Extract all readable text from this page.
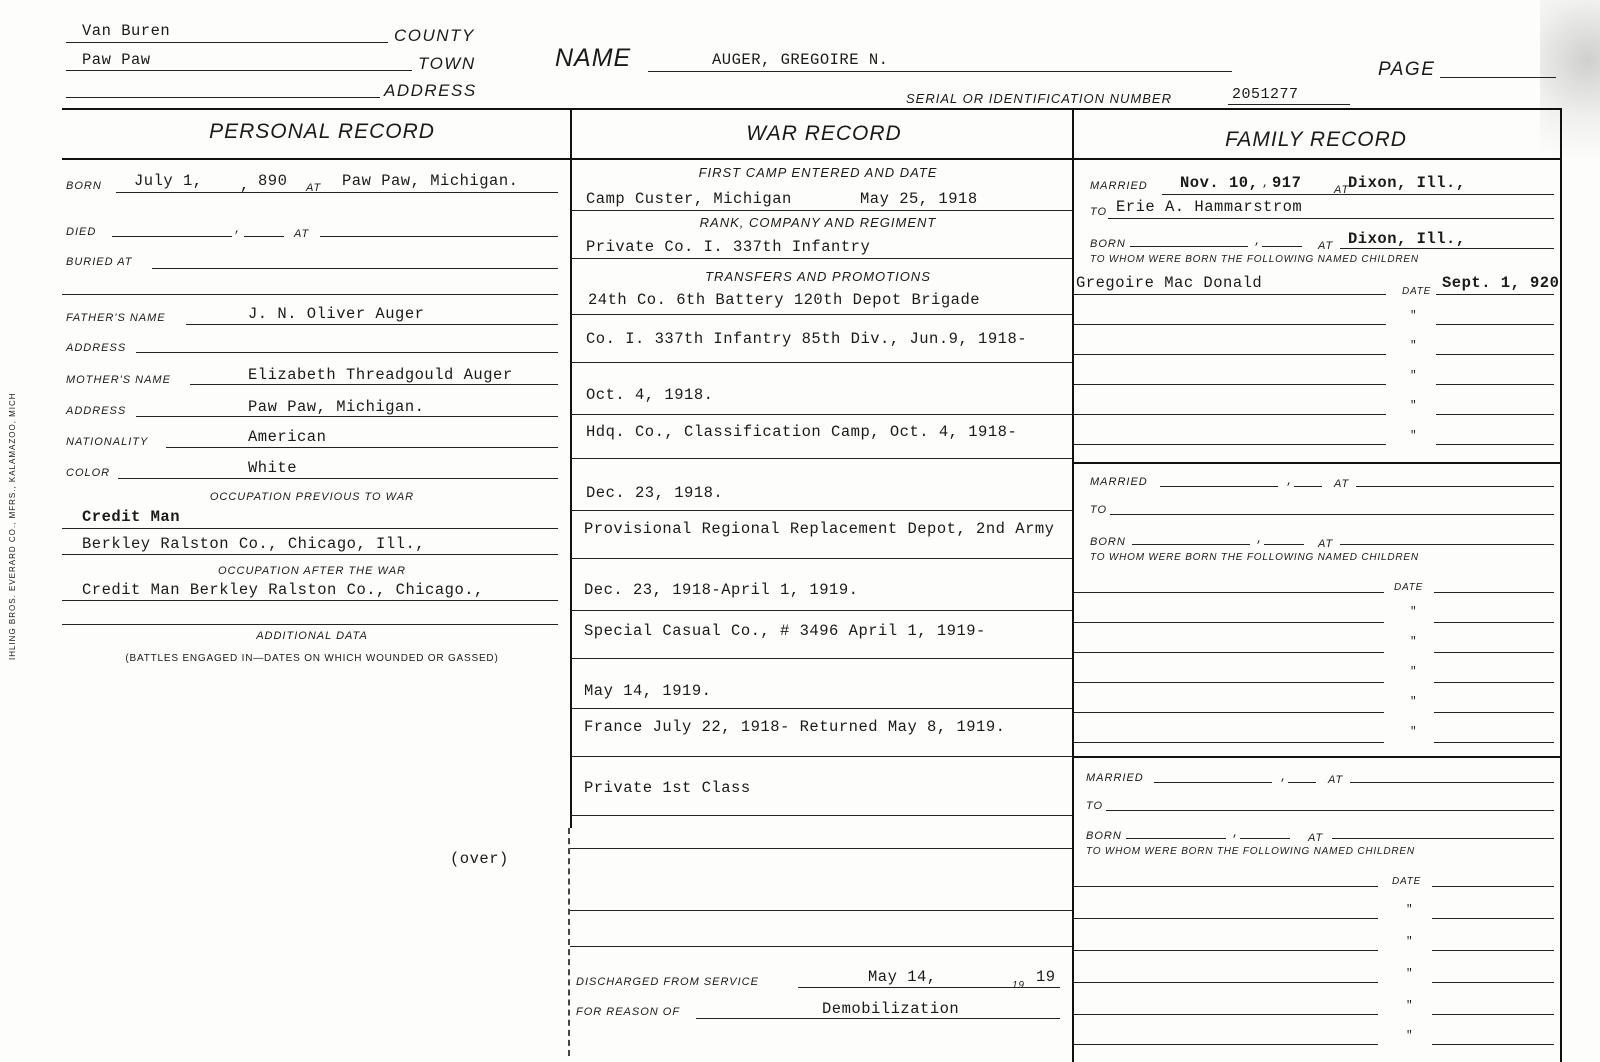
IHLING BROS. EVERARD CO., MFRS., KALAMAZOO, MICH
Van Buren	COUNTY
Paw Paw	TOWN
ADDRESS
NAME	AUGER, GREGOIRE N.	PAGE
SERIAL OR IDENTIFICATION NUMBER	2051277
PERSONAL RECORD	WAR RECORD	FAMILY RECORD
BORN July 1, , 890 AT Paw Paw, Michigan.
DIED	,	AT
BURIED AT
FATHER'S NAME	J. N. Oliver Auger
ADDRESS
MOTHER'S NAME	Elizabeth Threadgould Auger
ADDRESS	Paw Paw, Michigan.
NATIONALITY	American
COLOR	White
OCCUPATION PREVIOUS TO WAR
Credit Man
Berkley Ralston Co., Chicago, Ill.,
OCCUPATION AFTER THE WAR
Credit Man Berkley Ralston Co., Chicago.,
ADDITIONAL DATA
(BATTLES ENGAGED IN—DATES ON WHICH WOUNDED OR GASSED)
(over)
FIRST CAMP ENTERED AND DATE
Camp Custer, Michigan	May 25, 1918
RANK, COMPANY AND REGIMENT
Private Co. I. 337th Infantry
TRANSFERS AND PROMOTIONS
24th Co. 6th Battery 120th Depot Brigade
Co. I. 337th Infantry 85th Div., Jun.9, 1918-
Oct. 4, 1918.
Hdq. Co., Classification Camp, Oct. 4, 1918-
Dec. 23, 1918.
Provisional Regional Replacement Depot, 2nd Army
Dec. 23, 1918-April 1, 1919.
Special Casual Co., # 3496 April 1, 1919-
May 14, 1919.
France July 22, 1918- Returned May 8, 1919.
Private 1st Class
DISCHARGED FROM SERVICE	May 14,	19 19
FOR REASON OF	Demobilization
MARRIED Nov. 10, , 917	AT
Dixon, Ill.,
TO Erie A. Hammarstrom
BORN	,	AT Dixon, Ill.,
TO WHOM WERE BORN THE FOLLOWING NAMED CHILDREN
Gregoire Mac Donald	DATE Sept. 1, 920
"
"
"
"
"
MARRIED	,	AT
TO
BORN	,	AT
TO WHOM WERE BORN THE FOLLOWING NAMED CHILDREN
DATE
"
"
"
"
"
MARRIED	,	AT
TO
BORN	,	AT
TO WHOM WERE BORN THE FOLLOWING NAMED CHILDREN
DATE
"
"
"
"
"
